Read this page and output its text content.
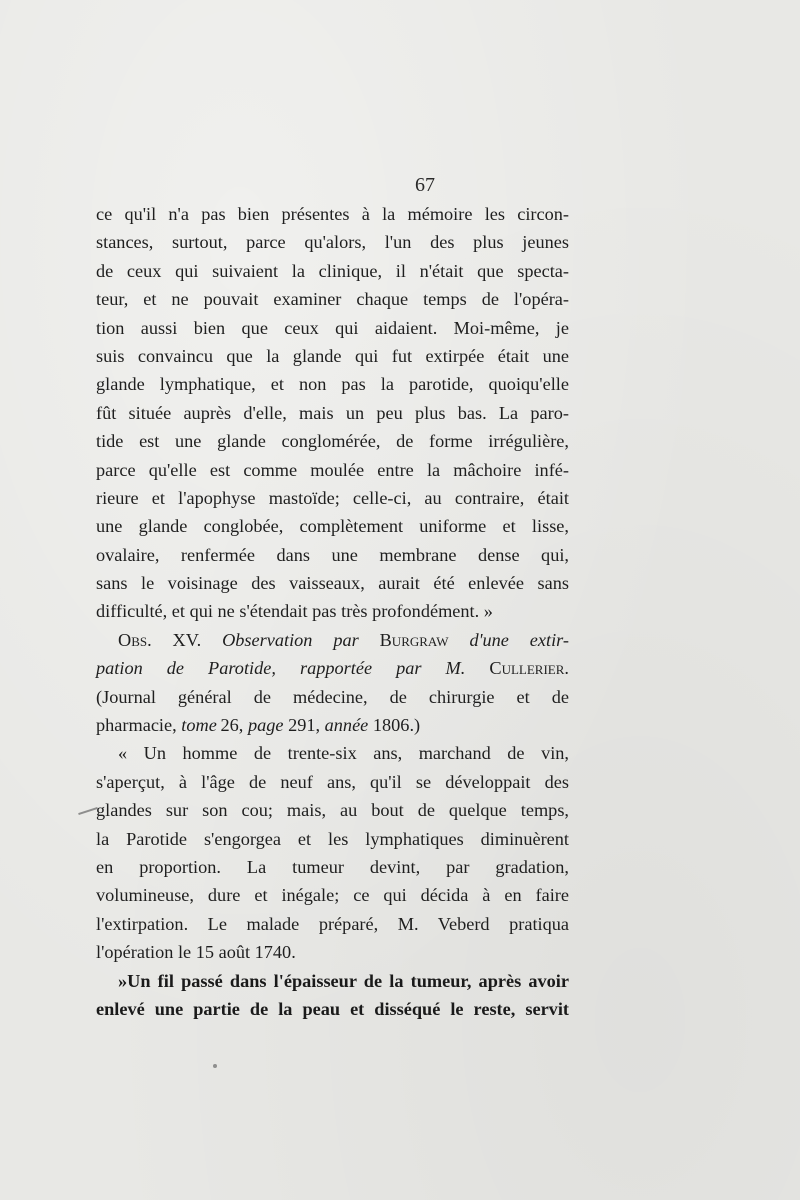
67
ce qu'il n'a pas bien présentes à la mémoire les circon-
stances, surtout, parce qu'alors, l'un des plus jeunes
de ceux qui suivaient la clinique, il n'était que specta-
teur, et ne pouvait examiner chaque temps de l'opéra-
tion aussi bien que ceux qui aidaient. Moi-même, je
suis convaincu que la glande qui fut extirpée était une
glande lymphatique, et non pas la parotide, quoiqu'elle
fût située auprès d'elle, mais un peu plus bas. La paro-
tide est une glande conglomérée, de forme irrégulière,
parce qu'elle est comme moulée entre la mâchoire infé-
rieure et l'apophyse mastoïde; celle-ci, au contraire, était
une glande conglobée, complètement uniforme et lisse,
ovalaire, renfermée dans une membrane dense qui,
sans le voisinage des vaisseaux, aurait été enlevée sans
difficulté, et qui ne s'étendait pas très profondément. »
Obs. XV. Observation par Burgraw d'une extir-
pation de Parotide, rapportée par M. Cullerier.
(Journal général de médecine, de chirurgie et de
pharmacie, tome  26, page 291, année 1806.)
« Un homme de trente-six ans, marchand de vin,
s'aperçut, à l'âge de neuf ans, qu'il se développait des
glandes sur son cou; mais, au bout de quelque temps,
la Parotide s'engorgea et les lymphatiques diminuèrent
en proportion. La tumeur devint, par gradation,
volumineuse, dure et inégale; ce qui décida à en faire
l'extirpation. Le malade préparé, M. Veberd pratiqua
l'opération le 15 août 1740.
»Un fil passé dans l'épaisseur de la tumeur, après avoir
enlevé une partie de la peau et disséqué le reste, servit
